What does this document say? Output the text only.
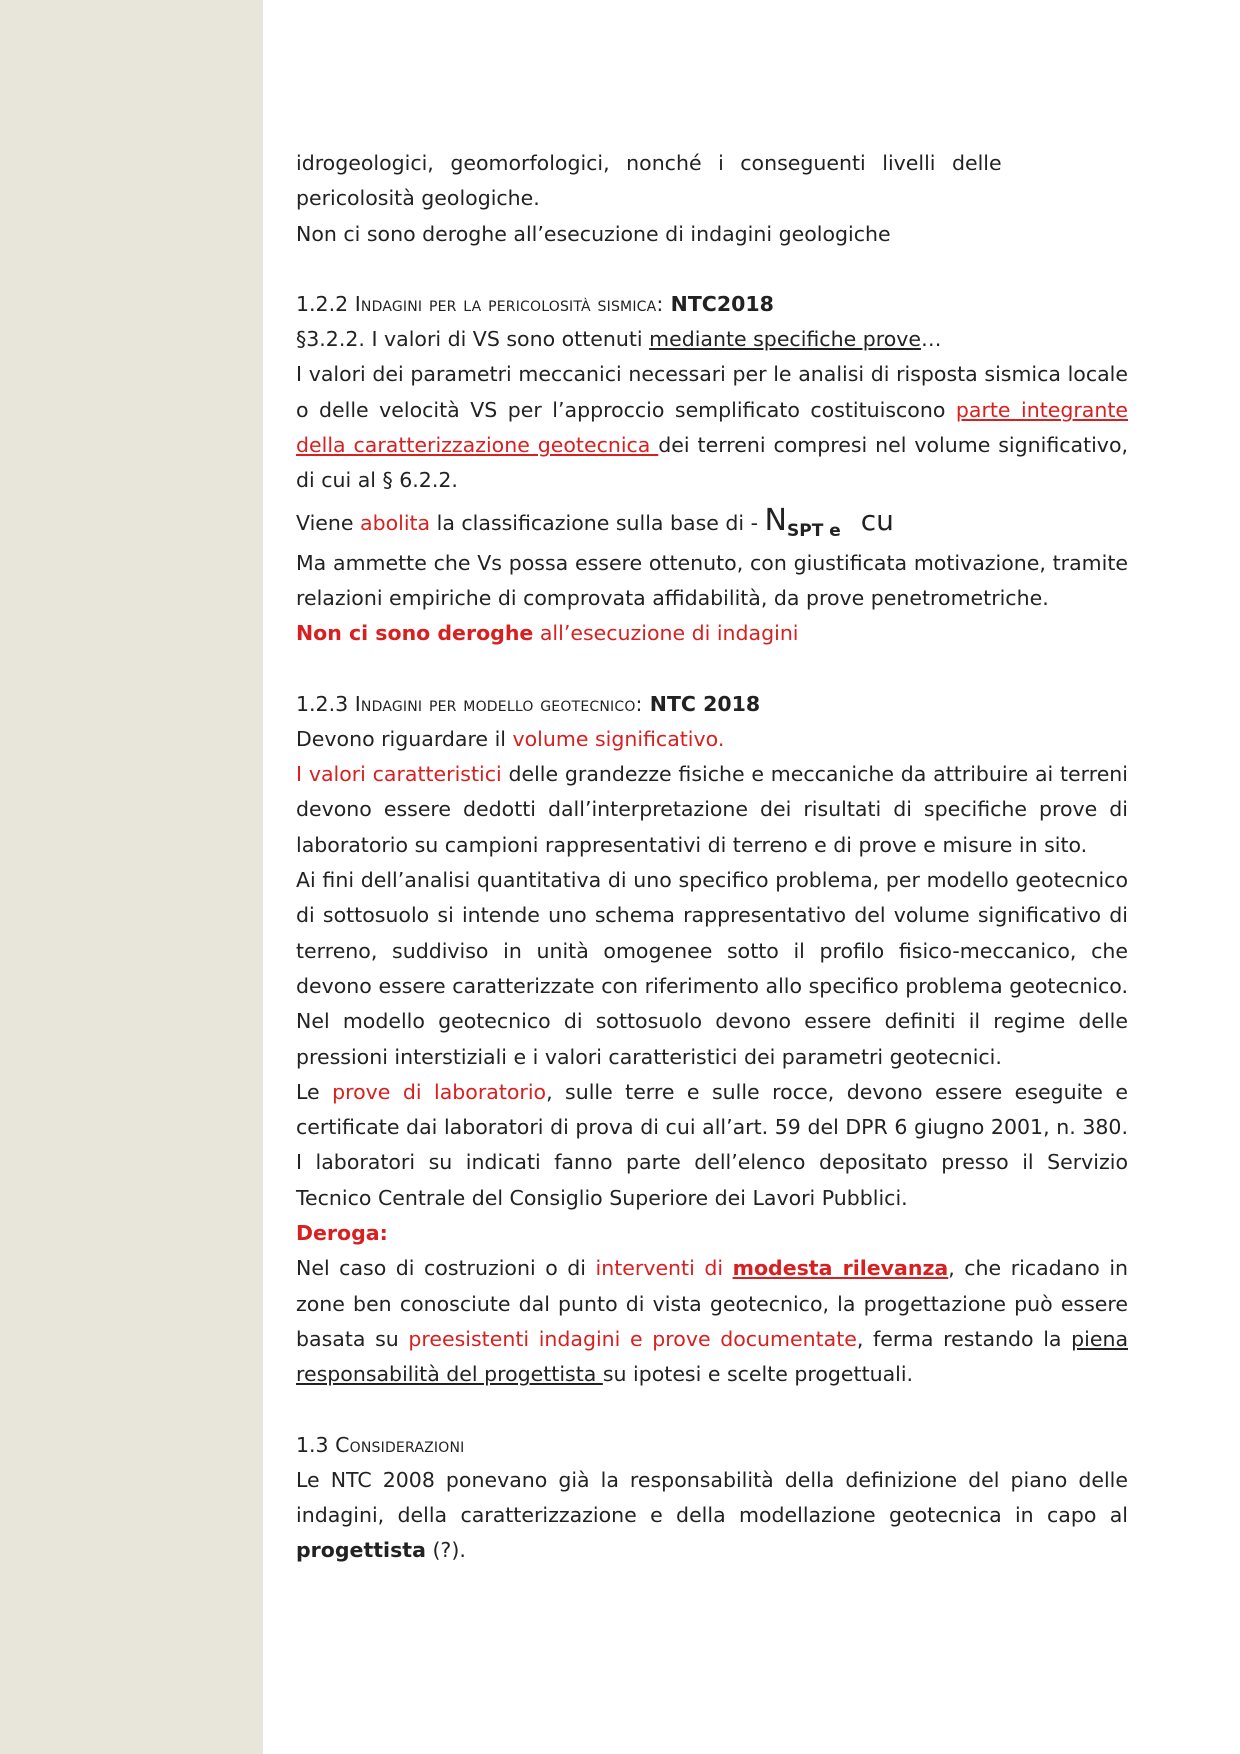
idrogeologici, geomorfologici, nonché i conseguenti livelli delle
pericolosità geologiche.
Non ci sono deroghe all’esecuzione di indagini geologiche

1.2.2 Indagini per la pericolosità sismica: NTC2018

§3.2.2. I valori di VS sono ottenuti mediante specifiche prove…

I valori dei parametri meccanici necessari per le analisi di risposta sismica locale o delle velocità VS per l’approccio semplificato costituiscono parte integrante della caratterizzazione geotecnica dei terreni compresi nel volume significativo, di cui al § 6.2.2.

Viene abolita la classificazione sulla base di - $N_{SPT e}$ cu

Ma ammette che Vs possa essere ottenuto, con giustificata motivazione, tramite relazioni empiriche di comprovata affidabilità, da prove penetrometriche.

Non ci sono deroghe all’esecuzione di indagini

1.2.3 Indagini per modello geotecnico: NTC 2018

Devono riguardare il volume significativo.

I valori caratteristici delle grandezze fisiche e meccaniche da attribuire ai terreni devono essere dedotti dall’interpretazione dei risultati di specifiche prove di laboratorio su campioni rappresentativi di terreno e di prove e misure in sito.

Ai fini dell’analisi quantitativa di uno specifico problema, per modello geotecnico di sottosuolo si intende uno schema rappresentativo del volume significativo di terreno, suddiviso in unità omogenee sotto il profilo fisico-meccanico, che devono essere caratterizzate con riferimento allo specifico problema geotecnico. Nel modello geotecnico di sottosuolo devono essere definiti il regime delle pressioni interstiziali e i valori caratteristici dei parametri geotecnici.

Le prove di laboratorio, sulle terre e sulle rocce, devono essere eseguite e certificate dai laboratori di prova di cui all’art. 59 del DPR 6 giugno 2001, n. 380. I laboratori su indicati fanno parte dell’elenco depositato presso il Servizio Tecnico Centrale del Consiglio Superiore dei Lavori Pubblici.

Deroga:

Nel caso di costruzioni o di interventi di modesta rilevanza, che ricadano in zone ben conosciute dal punto di vista geotecnico, la progettazione può essere basata su preesistenti indagini e prove documentate, ferma restando la piena responsabilità del progettista su ipotesi e scelte progettuali.

1.3 Considerazioni

Le NTC 2008 ponevano già la responsabilità della definizione del piano delle indagini, della caratterizzazione e della modellazione geotecnica in capo al progettista (?).
